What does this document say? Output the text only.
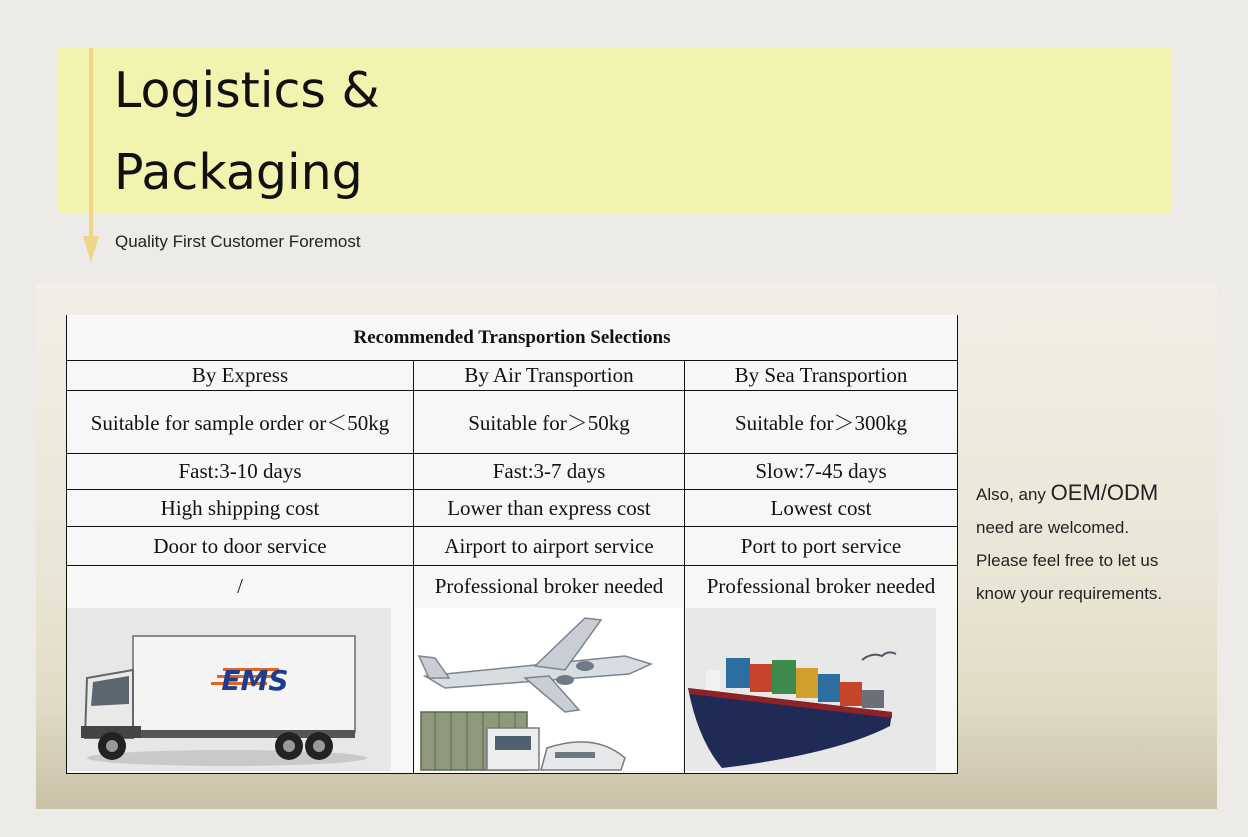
Logistics &
Packaging
Quality First Customer Foremost
Recommended Transportion Selections
By Express	By Air Transportion	By Sea Transportion
Suitable for sample order or＜50kg	Suitable for＞50kg	Suitable for＞300kg
Fast:3-10 days	Fast:3-7 days	Slow:7-45 days
High shipping cost	Lower than express cost	Lowest cost
Door to door service	Airport to airport service	Port to port service
/	Professional broker needed	Professional broker needed
EMS
Also, any OEM/ODM
need are welcomed.
Please feel free to let us
know your requirements.
